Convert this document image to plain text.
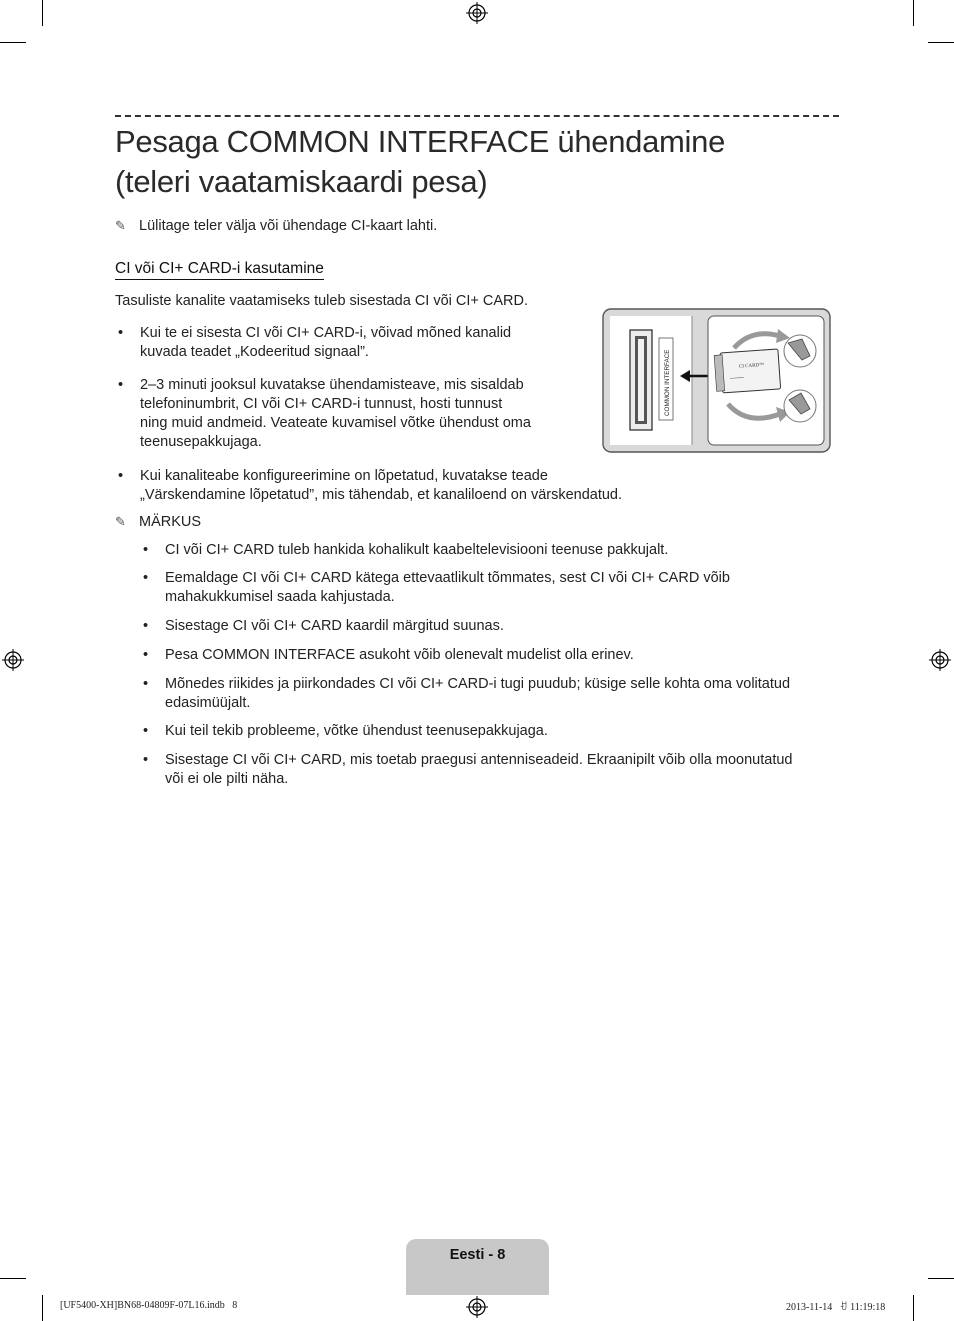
Pesaga COMMON INTERFACE ühendamine
(teleri vaatamiskaardi pesa)
✎ Lülitage teler välja või ühendage CI-kaart lahti.
CI või CI+ CARD-i kasutamine
Tasuliste kanalite vaatamiseks tuleb sisestada CI või CI+ CARD.
• Kui te ei sisesta CI või CI+ CARD-i, võivad mõned kanalid
kuvada teadet „Kodeeritud signaal”.
• 2–3 minuti jooksul kuvatakse ühendamisteave, mis sisaldab
telefoninumbrit, CI või CI+ CARD-i tunnust, hosti tunnust
ning muid andmeid. Veateate kuvamisel võtke ühendust oma
teenusepakkujaga.
• Kui kanaliteabe konfigureerimine on lõpetatud, kuvatakse teade
„Värskendamine lõpetatud”, mis tähendab, et kanaliloend on värskendatud.
COMMON INTERFACE	CI CARD™
✎ MÄRKUS
• CI või CI+ CARD tuleb hankida kohalikult kaabeltelevisiooni teenuse pakkujalt.
• Eemaldage CI või CI+ CARD kätega ettevaatlikult tõmmates, sest CI või CI+ CARD võib
mahakukkumisel saada kahjustada.
• Sisestage CI või CI+ CARD kaardil märgitud suunas.
• Pesa COMMON INTERFACE asukoht võib olenevalt mudelist olla erinev.
• Mõnedes riikides ja piirkondades CI või CI+ CARD-i tugi puudub; küsige selle kohta oma volitatud
edasimüüjalt.
• Kui teil tekib probleeme, võtke ühendust teenusepakkujaga.
• Sisestage CI või CI+ CARD, mis toetab praegusi antenniseadeid. Ekraanipilt võib olla moonutatud
või ei ole pilti näha.
Eesti - 8
[UF5400-XH]BN68-04809F-07L16.indb   8	2013-11-14   ꀀ 11:19:18
